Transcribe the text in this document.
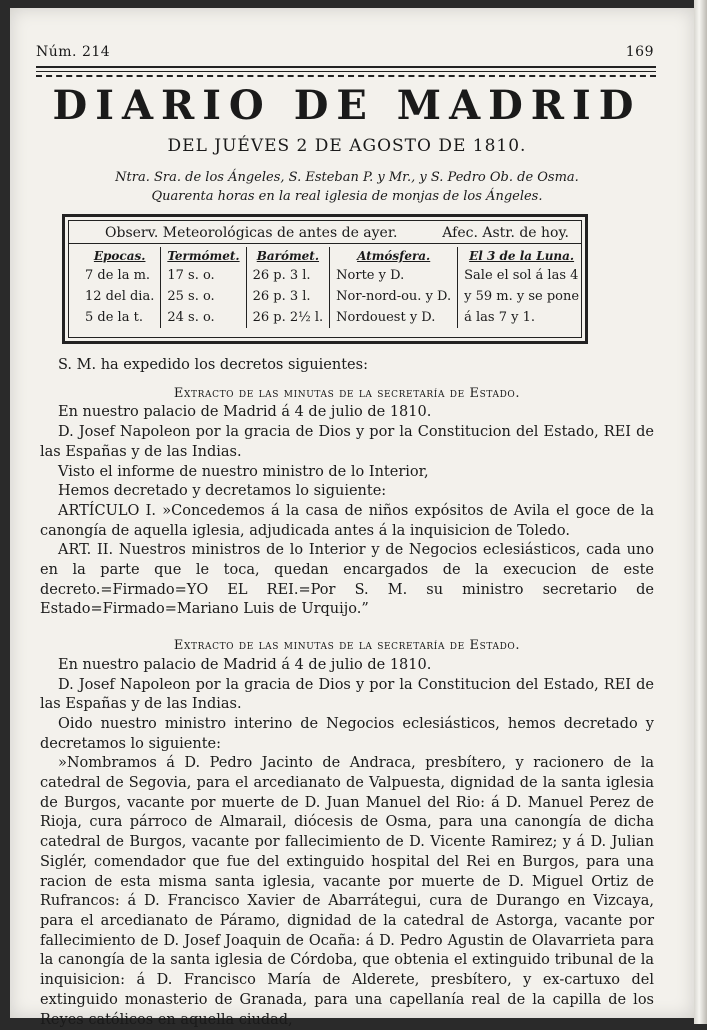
Núm. 214	169
DIARIO DE MADRID
DEL JUÉVES 2 DE AGOSTO DE 1810.
Ntra. Sra. de los Ángeles, S. Esteban P. y Mr., y S. Pedro Ob. de Osma.
Quarenta horas en la real iglesia de monjas de los Ángeles.
Observ. Meteorológicas de antes de ayer.	Afec. Astr. de hoy.
Epocas.	Termómet.	Barómet.	Atmósfera.	El 3 de la Luna.
7 de la m.	17 s. o.	26 p. 3 l.	Norte y D.	Sale el sol á las 4
12 del dia.	25 s. o.	26 p. 3 l.	Nor-nord-ou. y D.	y 59 m. y se pone
5 de la t.	24 s. o.	26 p. 2½ l.	Nordouest y D.	á las 7 y 1.

S. M. ha expedido los decretos siguientes:

Extracto de las minutas de la secretaría de Estado.

En nuestro palacio de Madrid á 4 de julio de 1810.

D. Josef Napoleon por la gracia de Dios y por la Constitucion del Estado, REI de las Españas y de las Indias.

Visto el informe de nuestro ministro de lo Interior,

Hemos decretado y decretamos lo siguiente:

ARTÍCULO I. »Concedemos á la casa de niños expósitos de Avila el goce de la canongía de aquella iglesia, adjudicada antes á la inquisicion de Toledo.

ART. II. Nuestros ministros de lo Interior y de Negocios eclesiásticos, cada uno en la parte que le toca, quedan encargados de la execucion de este decreto.=Firmado=YO EL REI.=Por S. M. su ministro secretario de Estado=Firmado=Mariano Luis de Urquijo.”

Extracto de las minutas de la secretaría de Estado.

En nuestro palacio de Madrid á 4 de julio de 1810.

D. Josef Napoleon por la gracia de Dios y por la Constitucion del Estado, REI de las Españas y de las Indias.

Oido nuestro ministro interino de Negocios eclesiásticos, hemos decretado y decretamos lo siguiente:

»Nombramos á D. Pedro Jacinto de Andraca, presbítero, y racionero de la catedral de Segovia, para el arcedianato de Valpuesta, dignidad de la santa iglesia de Burgos, vacante por muerte de D. Juan Manuel del Rio: á D. Manuel Perez de Rioja, cura párroco de Almarail, diócesis de Osma, para una canongía de dicha catedral de Burgos, vacante por fallecimiento de D. Vicente Ramirez; y á D. Julian Siglér, comendador que fue del extinguido hospital del Rei en Burgos, para una racion de esta misma santa iglesia, vacante por muerte de D. Miguel Ortiz de Rufrancos: á D. Francisco Xavier de Abarrátegui, cura de Durango en Vizcaya, para el arcedianato de Páramo, dignidad de la catedral de Astorga, vacante por fallecimiento de D. Josef Joaquin de Ocaña: á D. Pedro Agustin de Olavarrieta para la canongía de la santa iglesia de Córdoba, que obtenia el extinguido tribunal de la inquisicion: á D. Francisco María de Alderete, presbítero, y ex-cartuxo del extinguido monasterio de Granada, para una capellanía real de la capilla de los Reyes católicos en aquella ciudad,
